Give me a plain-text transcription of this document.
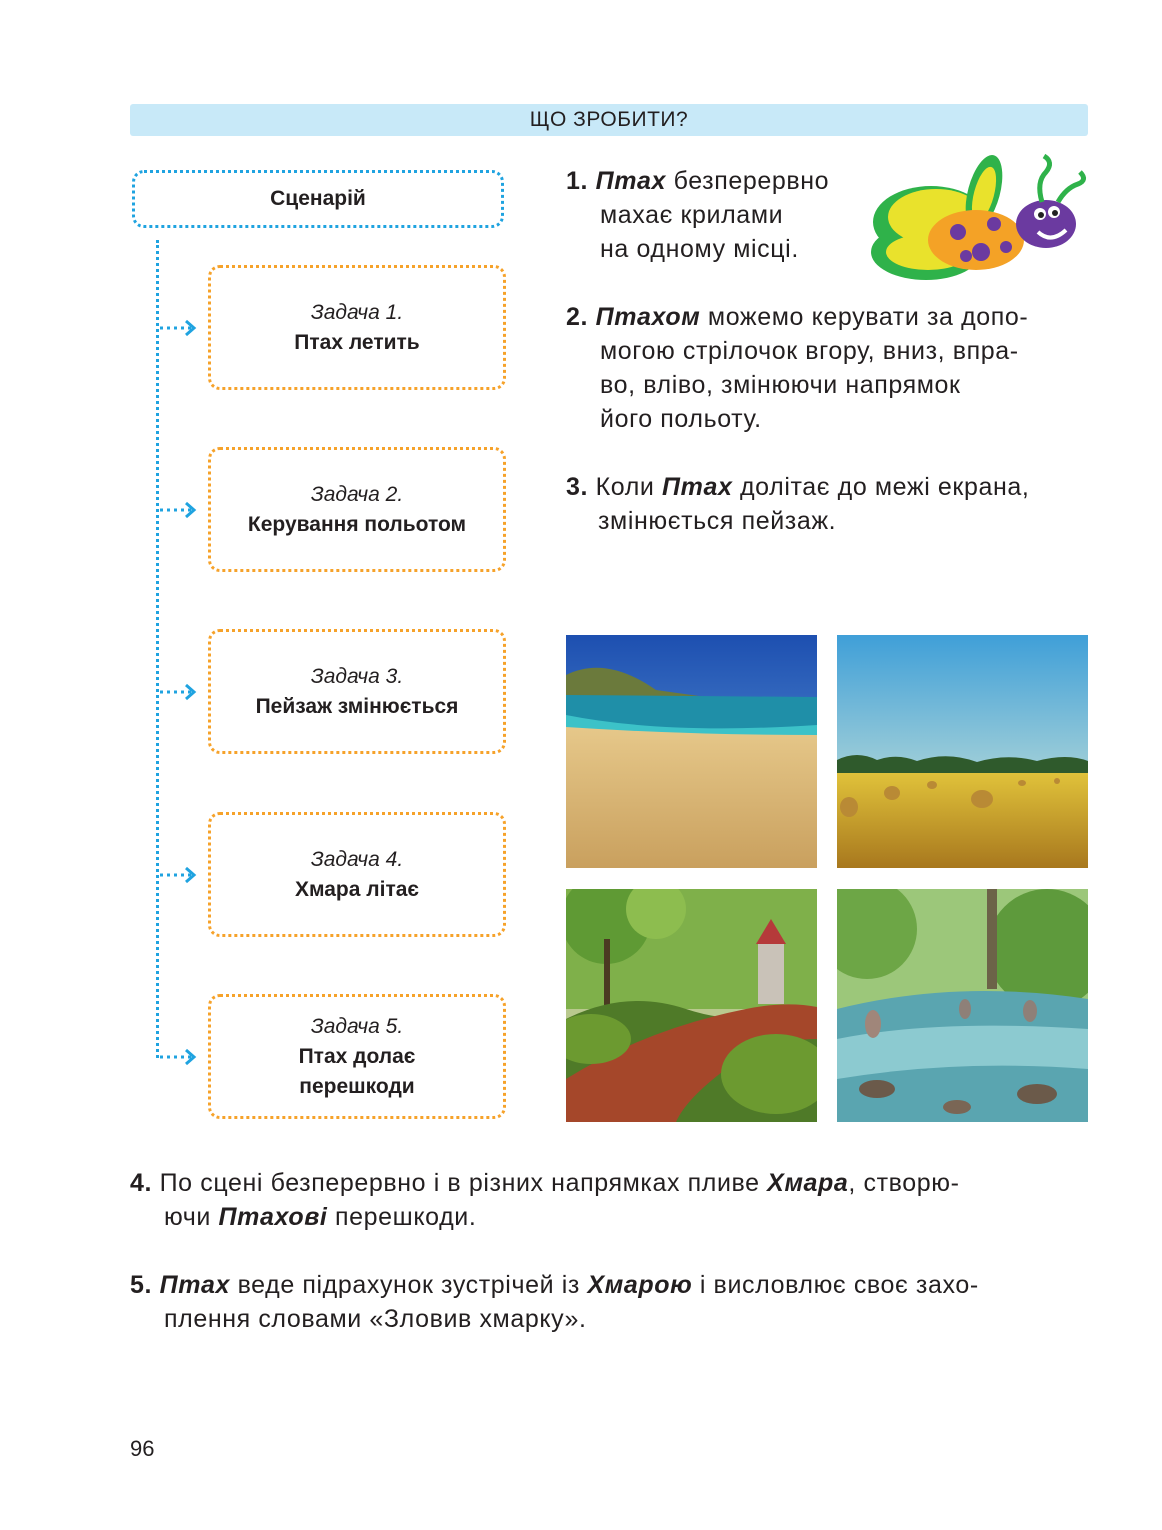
ЩО ЗРОБИТИ?
Сценарій
Задача 1.
Птах летить
Задача 2.
Керування польотом
Задача 3.
Пейзаж змінюється
Задача 4.
Хмара літає
Задача 5.
Птах долає
перешкоди
1. Птах безперервно
махає крилами
на одному місці.
2. Птахом можемо керувати за допо-
могою стрілочок вгору, вниз, впра-
во, вліво, змінюючи напрямок
його польоту.
3. Коли Птах долітає до межі екрана,
змінюється пейзаж.
4. По сцені безперервно і в різних напрямках пливе Хмара, створю-
ючи Птахові перешкоди.
5. Птах веде підрахунок зустрічей із Хмарою і висловлює своє захо-
плення словами «Зловив хмарку».
96
